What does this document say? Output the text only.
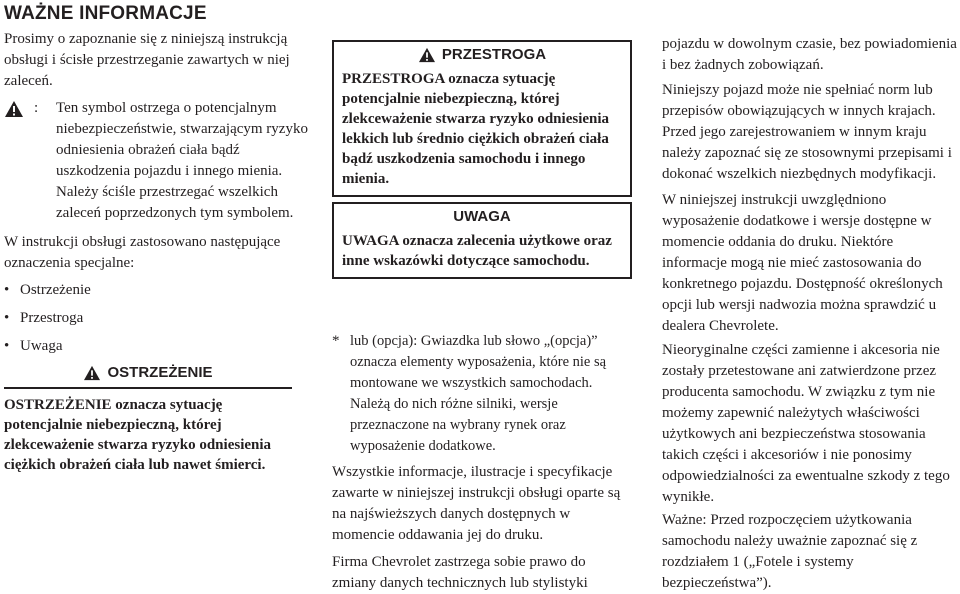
WAŻNE INFORMACJE

Prosimy o zapoznanie się z niniejszą instrukcją obsługi i ścisłe przestrzeganie zawartych w niej zaleceń.

: Ten symbol ostrzega o potencjalnym niebezpieczeństwie, stwarzającym ryzyko odniesienia obrażeń ciała bądź uszkodzenia pojazdu i innego mienia. Należy ściśle przestrzegać wszelkich zaleceń poprzedzonych tym symbolem.

W instrukcji obsługi zastosowano następujące oznaczenia specjalne:

• Ostrzeżenie
• Przestroga
• Uwaga
OSTRZEŻENIE
OSTRZEŻENIE oznacza sytuację potencjalnie niebezpieczną, której zlekceważenie stwarza ryzyko odniesienia ciężkich obrażeń ciała lub nawet śmierci.
PRZESTROGA
PRZESTROGA oznacza sytuację potencjalnie niebezpieczną, której zlekceważenie stwarza ryzyko odniesienia lekkich lub średnio ciężkich obrażeń ciała bądź uszkodzenia samochodu i innego mienia.
UWAGA
UWAGA oznacza zalecenia użytkowe oraz inne wskazówki dotyczące samochodu.
* lub (opcja): Gwiazdka lub słowo „(opcja)” oznacza elementy wyposażenia, które nie są montowane we wszystkich samochodach. Należą do nich różne silniki, wersje przeznaczone na wybrany rynek oraz wyposażenie dodatkowe.

Wszystkie informacje, ilustracje i specyfikacje zawarte w niniejszej instrukcji obsługi oparte są na najświeższych danych dostępnych w momencie oddawania jej do druku.

Firma Chevrolet zastrzega sobie prawo do zmiany danych technicznych lub stylistyki

pojazdu w dowolnym czasie, bez powiadomienia i bez żadnych zobowiązań.

Niniejszy pojazd może nie spełniać norm lub przepisów obowiązujących w innych krajach. Przed jego zarejestrowaniem w innym kraju należy zapoznać się ze stosownymi przepisami i dokonać wszelkich niezbędnych modyfikacji.

W niniejszej instrukcji uwzględniono wyposażenie dodatkowe i wersje dostępne w momencie oddania do druku. Niektóre informacje mogą nie mieć zastosowania do konkretnego pojazdu. Dostępność określonych opcji lub wersji nadwozia można sprawdzić u dealera Chevrolete.

Nieoryginalne części zamienne i akcesoria nie zostały przetestowane ani zatwierdzone przez producenta samochodu. W związku z tym nie możemy zapewnić należytych właściwości użytkowych ani bezpieczeństwa stosowania takich części i akcesoriów i nie ponosimy odpowiedzialności za ewentualne szkody z tego wynikłe.

Ważne: Przed rozpoczęciem użytkowania samochodu należy uważnie zapoznać się z rozdziałem 1 („Fotele i systemy bezpieczeństwa”).
